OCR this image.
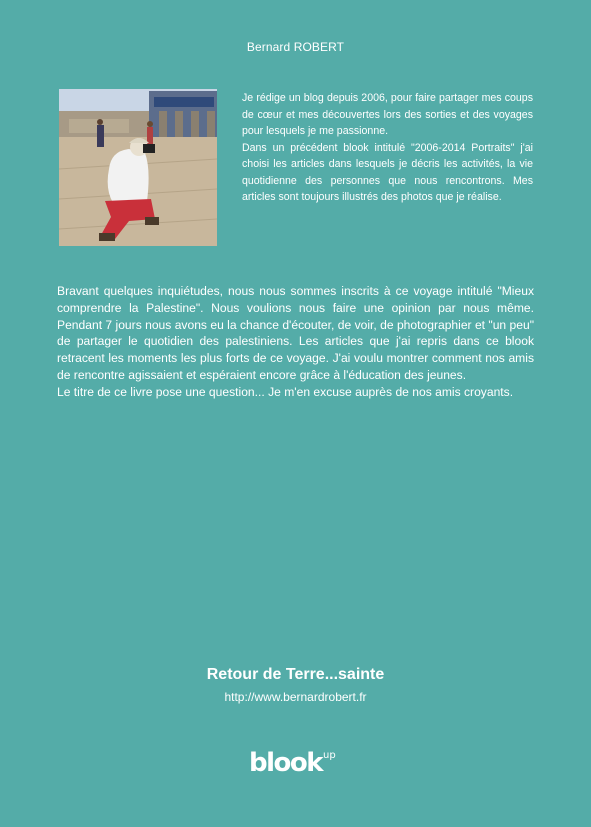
Bernard ROBERT

Je rédige un blog depuis 2006, pour faire partager mes coups de cœur et mes découvertes lors des sorties et des voyages pour lesquels je me passionne.

Dans un précédent blook intitulé "2006-2014 Portraits" j'ai choisi les articles dans lesquels je décris les activités, la vie quotidienne des personnes que nous rencontrons. Mes articles sont toujours illustrés des photos que je réalise.

Bravant quelques inquiétudes, nous nous sommes inscrits à ce voyage intitulé "Mieux comprendre la Palestine". Nous voulions nous faire une opinion par nous même. Pendant 7 jours nous avons eu la chance d'écouter, de voir, de photographier et "un peu" de partager le quotidien des palestiniens. Les articles que j'ai repris dans ce blook retracent les moments les plus forts de ce voyage. J'ai voulu montrer comment nos amis de rencontre agissaient et espéraient encore grâce à l'éducation des jeunes.

Le titre de ce livre pose une question... Je m'en excuse auprès de nos amis croyants.

Retour de Terre...sainte
http://www.bernardrobert.fr
blook$^{up}$
